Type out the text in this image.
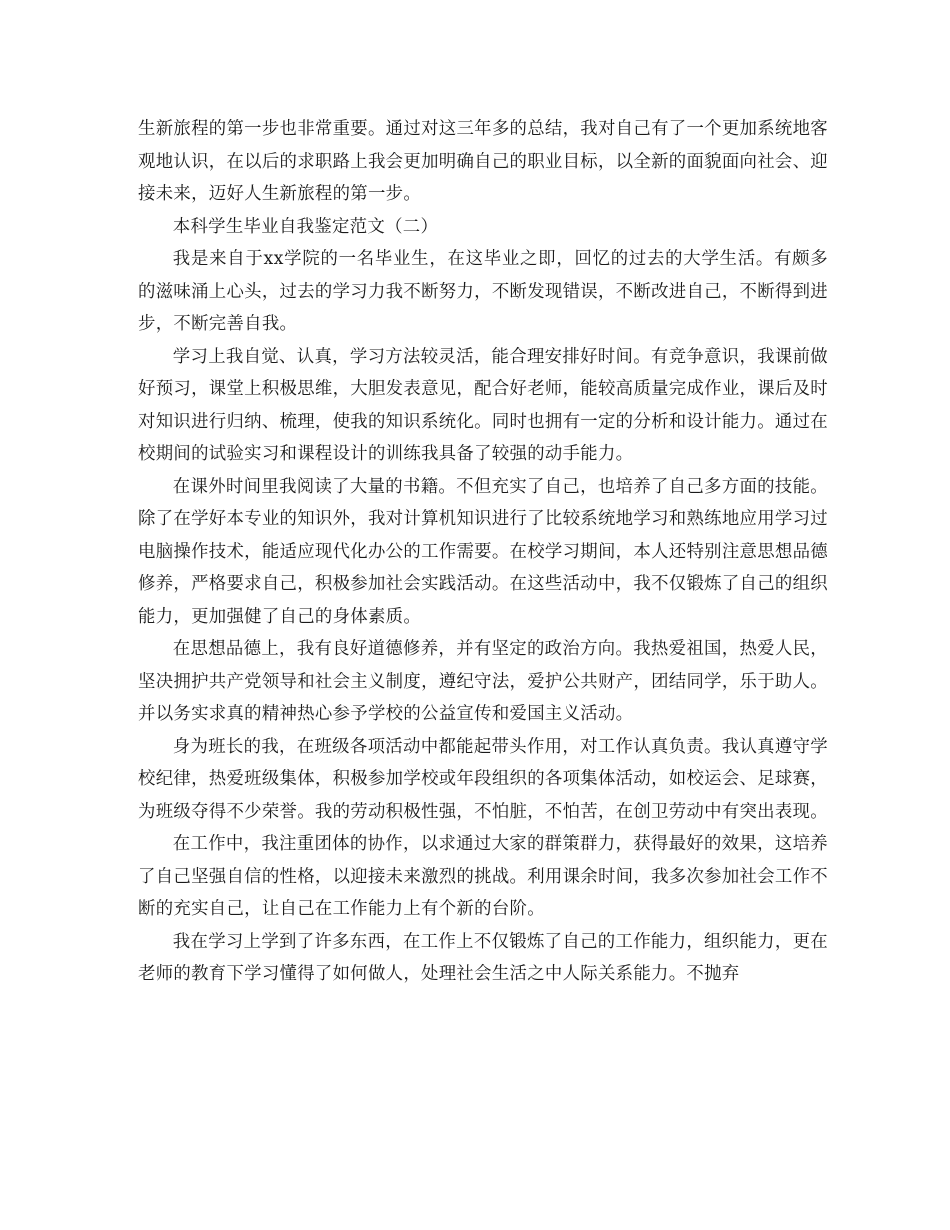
生新旅程的第一步也非常重要。通过对这三年多的总结，我对自己有了一个更加系统地客观地认识，在以后的求职路上我会更加明确自己的职业目标，以全新的面貌面向社会、迎接未来，迈好人生新旅程的第一步。

本科学生毕业自我鉴定范文（二）

我是来自于xx学院的一名毕业生，在这毕业之即，回忆的过去的大学生活。有颇多的滋味涌上心头，过去的学习力我不断努力，不断发现错误，不断改进自己，不断得到进步，不断完善自我。

学习上我自觉、认真，学习方法较灵活，能合理安排好时间。有竞争意识，我课前做好预习，课堂上积极思维，大胆发表意见，配合好老师，能较高质量完成作业，课后及时对知识进行归纳、梳理，使我的知识系统化。同时也拥有一定的分析和设计能力。通过在校期间的试验实习和课程设计的训练我具备了较强的动手能力。

在课外时间里我阅读了大量的书籍。不但充实了自己，也培养了自己多方面的技能。除了在学好本专业的知识外，我对计算机知识进行了比较系统地学习和熟练地应用学习过电脑操作技术，能适应现代化办公的工作需要。在校学习期间，本人还特别注意思想品德修养，严格要求自己，积极参加社会实践活动。在这些活动中，我不仅锻炼了自己的组织能力，更加强健了自己的身体素质。

在思想品德上，我有良好道德修养，并有坚定的政治方向。我热爱祖国，热爱人民，坚决拥护共产党领导和社会主义制度，遵纪守法，爱护公共财产，团结同学，乐于助人。并以务实求真的精神热心参予学校的公益宣传和爱国主义活动。

身为班长的我，在班级各项活动中都能起带头作用，对工作认真负责。我认真遵守学校纪律，热爱班级集体，积极参加学校或年段组织的各项集体活动，如校运会、足球赛，为班级夺得不少荣誉。我的劳动积极性强，不怕脏，不怕苦，在创卫劳动中有突出表现。

在工作中，我注重团体的协作，以求通过大家的群策群力，获得最好的效果，这培养了自己坚强自信的性格，以迎接未来激烈的挑战。利用课余时间，我多次参加社会工作不断的充实自己，让自己在工作能力上有个新的台阶。

我在学习上学到了许多东西，在工作上不仅锻炼了自己的工作能力，组织能力，更在老师的教育下学习懂得了如何做人，处理社会生活之中人际关系能力。不抛弃
